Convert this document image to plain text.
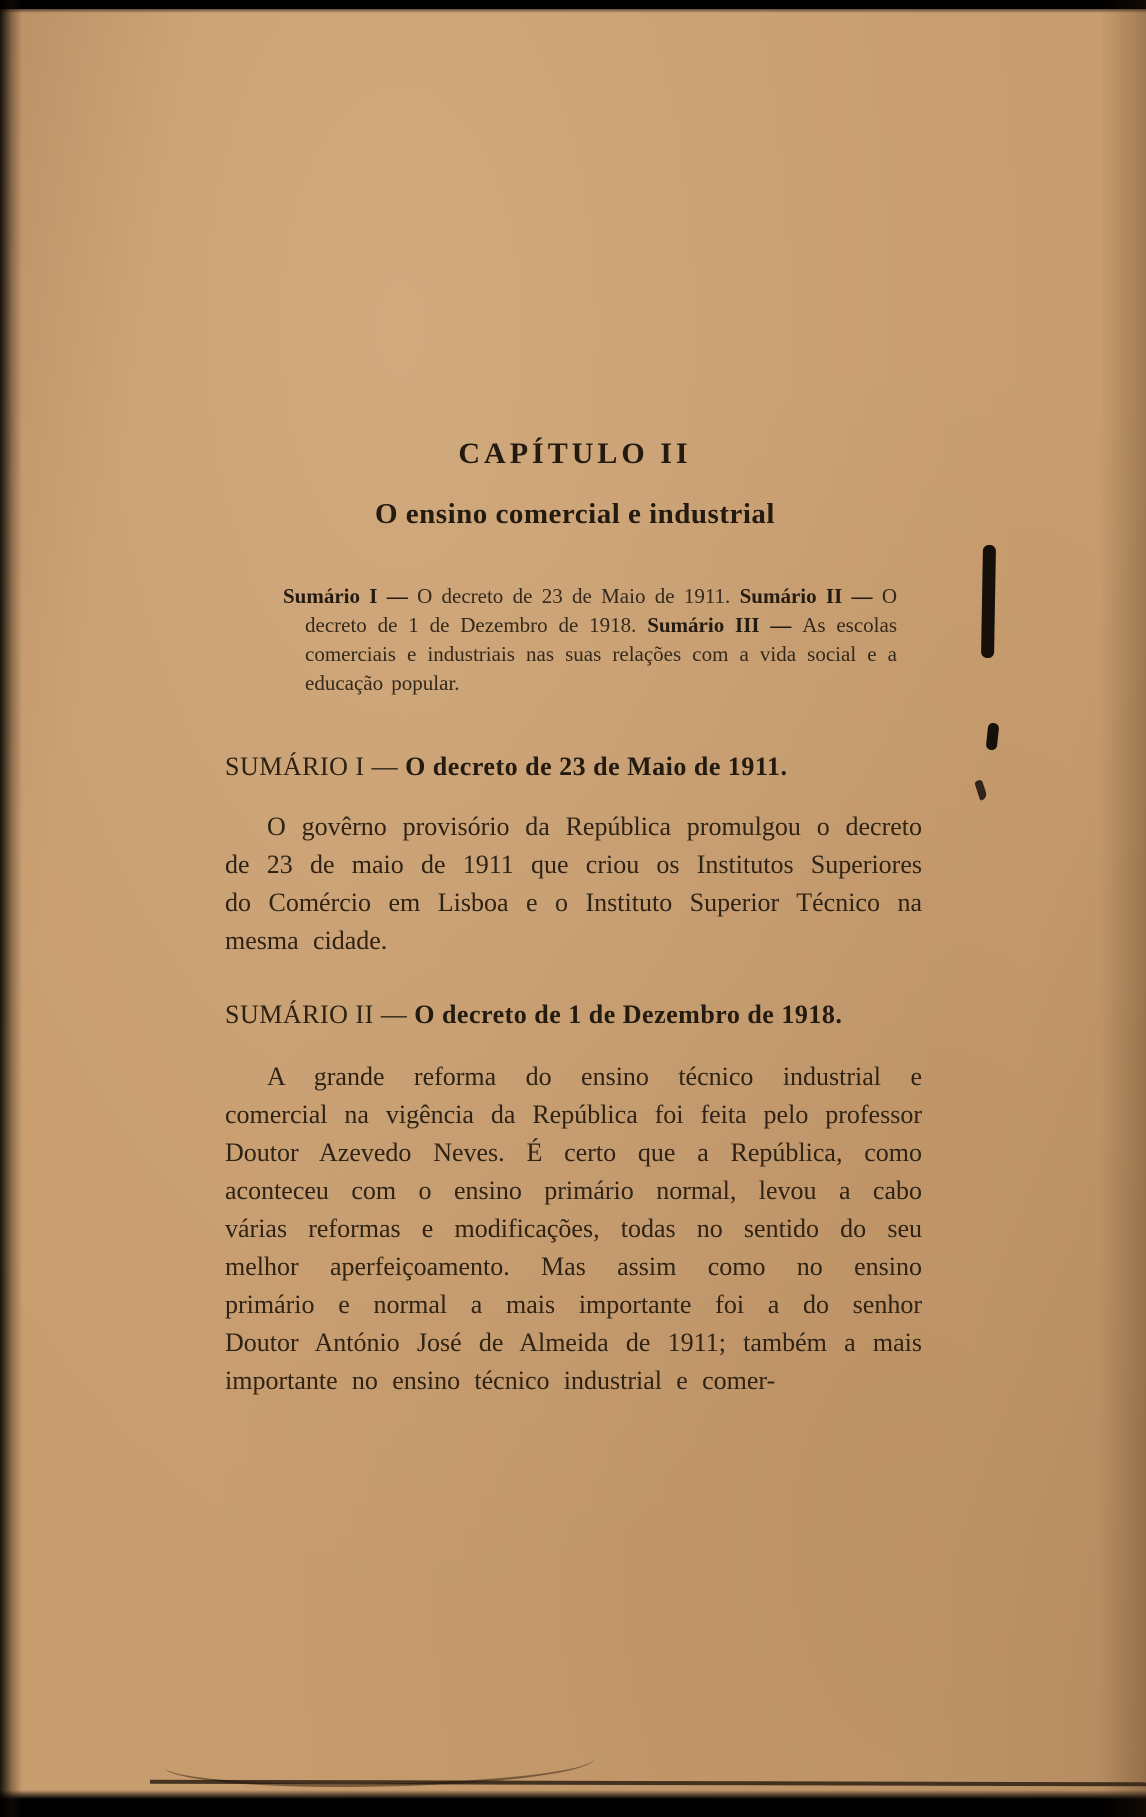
CAPÍTULO II
O ensino comercial e industrial
Sumário I — O decreto de 23 de Maio de 1911. Sumário II — O decreto de 1 de Dezembro de 1918. Sumário III — As escolas comerciais e industriais nas suas relações com a vida social e a educação popular.
SUMÁRIO I — O decreto de 23 de Maio de 1911.
O govêrno provisório da República promulgou o decreto de 23 de maio de 1911 que criou os Institutos Superiores do Comércio em Lisboa e o Instituto Superior Técnico na mesma cidade.
SUMÁRIO II — O decreto de 1 de Dezembro de 1918.
A grande reforma do ensino técnico industrial e comercial na vigência da República foi feita pelo professor Doutor Azevedo Neves. É certo que a República, como aconteceu com o ensino primário normal, levou a cabo várias reformas e modificações, todas no sentido do seu melhor aperfeiçoamento. Mas assim como no ensino primário e normal a mais importante foi a do senhor Doutor António José de Almeida de 1911; também a mais importante no ensino técnico industrial e comer-
